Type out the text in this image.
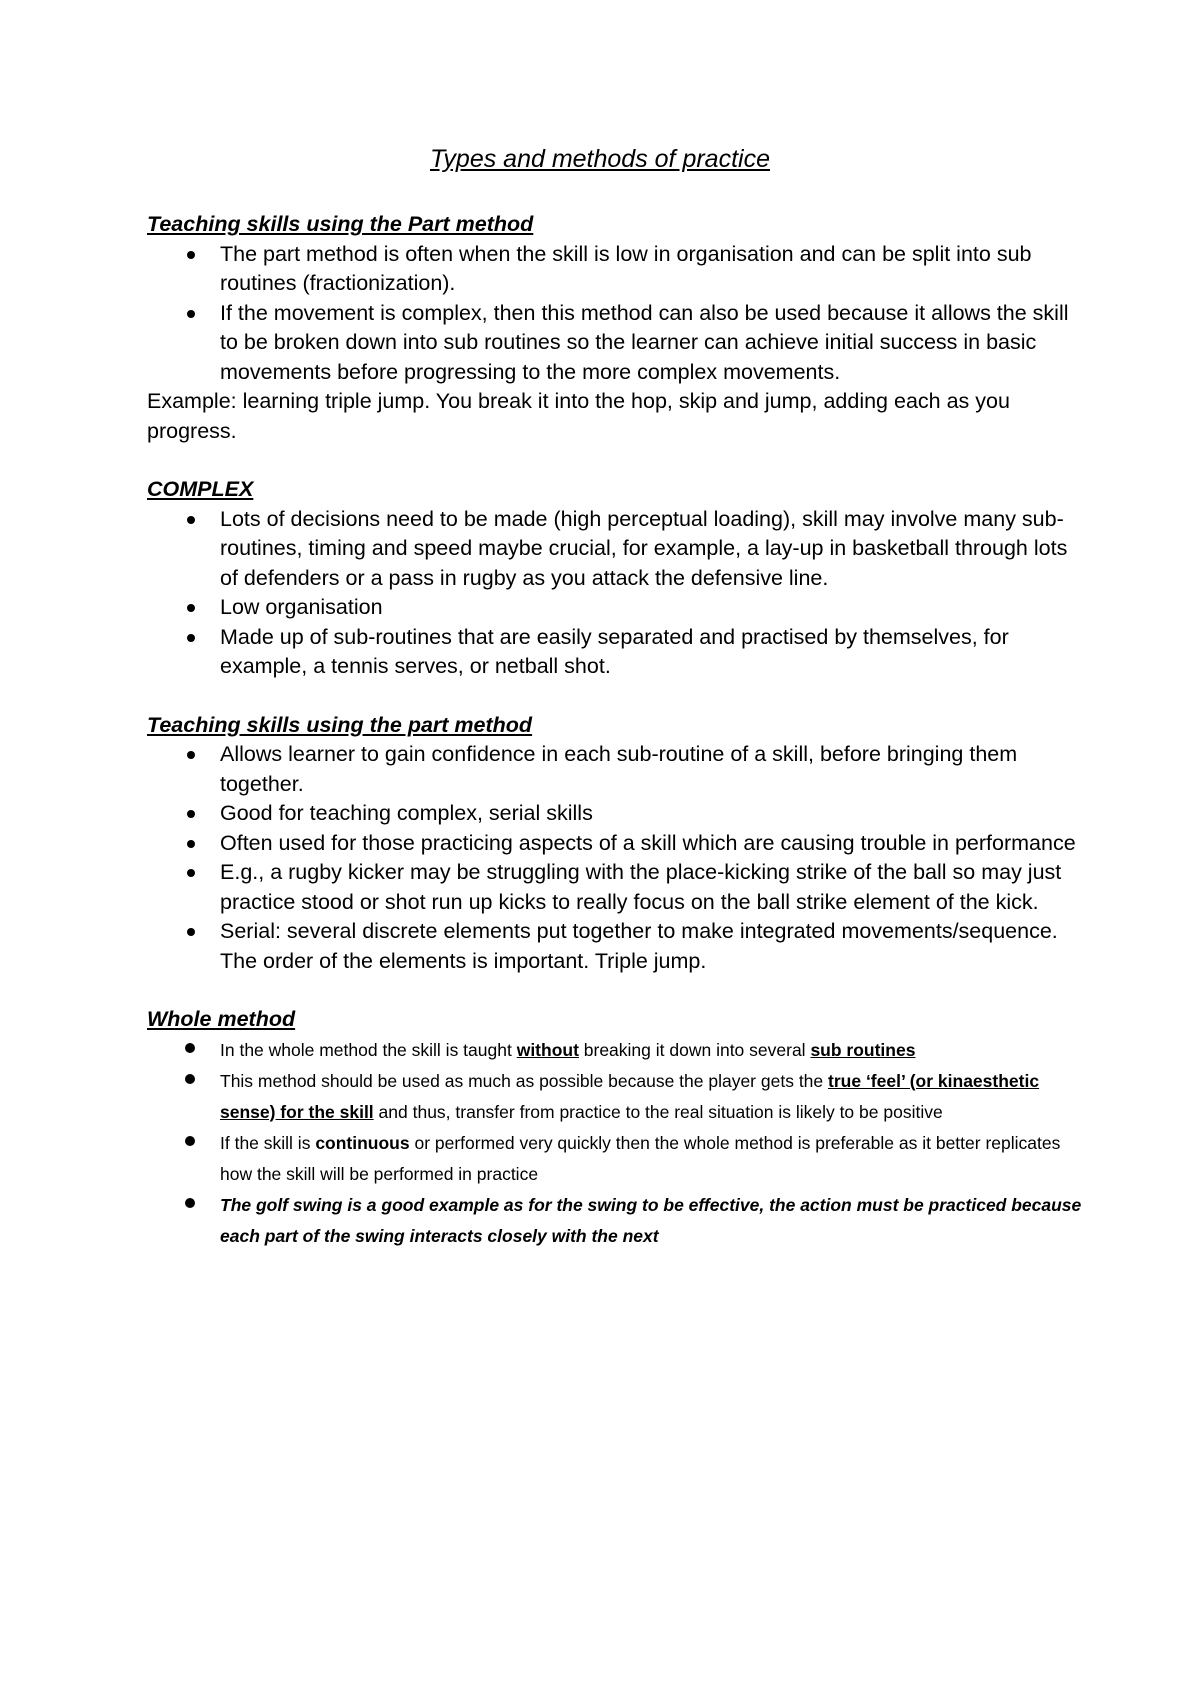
Types and methods of practice
Teaching skills using the Part method
The part method is often when the skill is low in organisation and can be split into sub routines (fractionization).
If the movement is complex, then this method can also be used because it allows the skill to be broken down into sub routines so the learner can achieve initial success in basic movements before progressing to the more complex movements.

Example: learning triple jump. You break it into the hop, skip and jump, adding each as you progress.

COMPLEX
Lots of decisions need to be made (high perceptual loading), skill may involve many sub-routines, timing and speed maybe crucial, for example, a lay-up in basketball through lots of defenders or a pass in rugby as you attack the defensive line.
Low organisation
Made up of sub-routines that are easily separated and practised by themselves, for example, a tennis serves, or netball shot.
Teaching skills using the part method
Allows learner to gain confidence in each sub-routine of a skill, before bringing them together.
Good for teaching complex, serial skills
Often used for those practicing aspects of a skill which are causing trouble in performance
E.g., a rugby kicker may be struggling with the place-kicking strike of the ball so may just practice stood or shot run up kicks to really focus on the ball strike element of the kick.
Serial: several discrete elements put together to make integrated movements/sequence. The order of the elements is important. Triple jump.
Whole method
In the whole method the skill is taught without breaking it down into several sub routines
This method should be used as much as possible because the player gets the true ‘feel’ (or kinaesthetic sense) for the skill and thus, transfer from practice to the real situation is likely to be positive
If the skill is continuous or performed very quickly then the whole method is preferable as it better replicates how the skill will be performed in practice
The golf swing is a good example as for the swing to be effective, the action must be practiced because each part of the swing interacts closely with the next
